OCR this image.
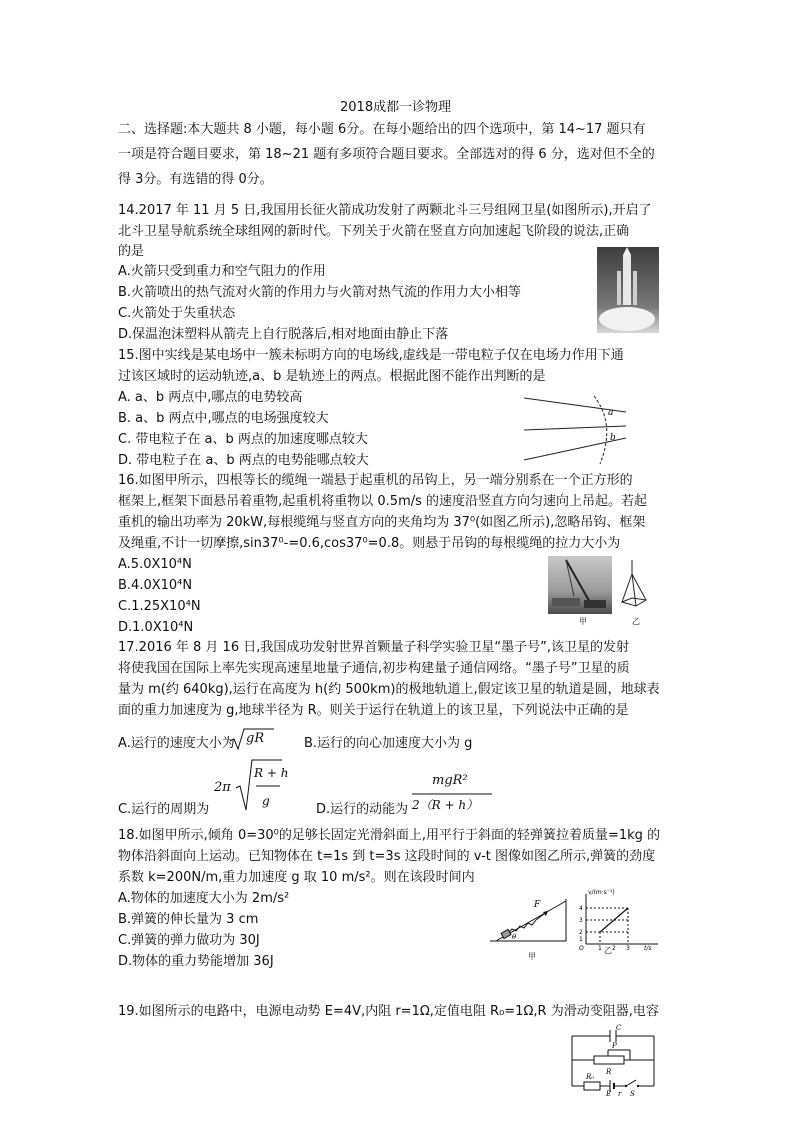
2018成都一诊物理
二、选择题:本大题共 8 小题，每小题 6分。在每小题给出的四个选项中，第 14~17 题只有
一项是符合题目要求，第 18~21 题有多项符合题目要求。全部选对的得 6 分，选对但不全的
得 3分。有选错的得 0分。
14.2017 年 11 月 5 日,我国用长征火箭成功发射了两颗北斗三号组网卫星(如图所示),开启了
北斗卫星导航系统全球组网的新时代。下列关于火箭在竖直方向加速起飞阶段的说法,正确
的是
A.火箭只受到重力和空气阻力的作用
B.火箭喷出的热气流对火箭的作用力与火箭对热气流的作用力大小相等
C.火箭处于失重状态
D.保温泡沫塑料从箭壳上自行脱落后,相对地面由静止下落
15.图中实线是某电场中一簇未标明方向的电场线,虚线是一带电粒子仅在电场力作用下通
过该区域时的运动轨迹,a、b 是轨迹上的两点。根据此图不能作出判断的是
A. a、b 两点中,哪点的电势较高
B. a、b 两点中,哪点的电场强度较大
C. 带电粒子在 a、b 两点的加速度哪点较大
D. 带电粒子在 a、b 两点的电势能哪点较大
a
b
16.如图甲所示，四根等长的缆绳一端悬于起重机的吊钩上，另一端分别系在一个正方形的
框架上,框架下面悬吊着重物,起重机将重物以 0.5m/s 的速度沿竖直方向匀速向上吊起。若起
重机的输出功率为 20kW,每根缆绳与竖直方向的夹角均为 37⁰(如图乙所示),忽略吊钩、框架
及绳重,不计一切摩擦,sin37⁰-=0.6,cos37⁰=0.8。则悬于吊钩的每根缆绳的拉力大小为
A.5.0X10⁴N
B.4.0X10⁴N
C.1.25X10⁴N
D.1.0X10⁴N	甲	乙
17.2016 年 8 月 16 日,我国成功发射世界首颗量子科学实验卫星“墨子号”,该卫星的发射
将使我国在国际上率先实现高速星地量子通信,初步构建量子通信网络。“墨子号”卫星的质
量为 m(约 640kg),运行在高度为 h(约 500km)的极地轨道上,假定该卫星的轨道是圆，地球表
面的重力加速度为 g,地球半径为 R。则关于运行在轨道上的该卫星，下列说法中正确的是
A.运行的速度大小为 gR	B.运行的向心加速度大小为 g
C.运行的周期为
2π
R + h
g
D.运行的动能为
mgR²
2（R + h）
18.如图甲所示,倾角 0=30⁰的足够长固定光滑斜面上,用平行于斜面的轻弹簧拉着质量=1kg 的
物体沿斜面向上运动。已知物体在 t=1s 到 t=3s 这段时间的 v-t 图像如图乙所示,弹簧的劲度
系数 k=200N/m,重力加速度 g 取 10 m/s²。则在该段时间内
A.物体的加速度大小为 2m/s²
B.弹簧的伸长量为 3 cm
C.弹簧的弹力做功为 30J
D.物体的重力势能增加 36J
F
θ
甲
v/(m·s⁻¹)
t/s
O
4
3
2
1
1 2 3
乙
19.如图所示的电路中，电源电动势 E=4V,内阻 r=1Ω,定值电阻 R₀=1Ω,R 为滑动变阻器,电容
C
P
R
R₀
E r S
